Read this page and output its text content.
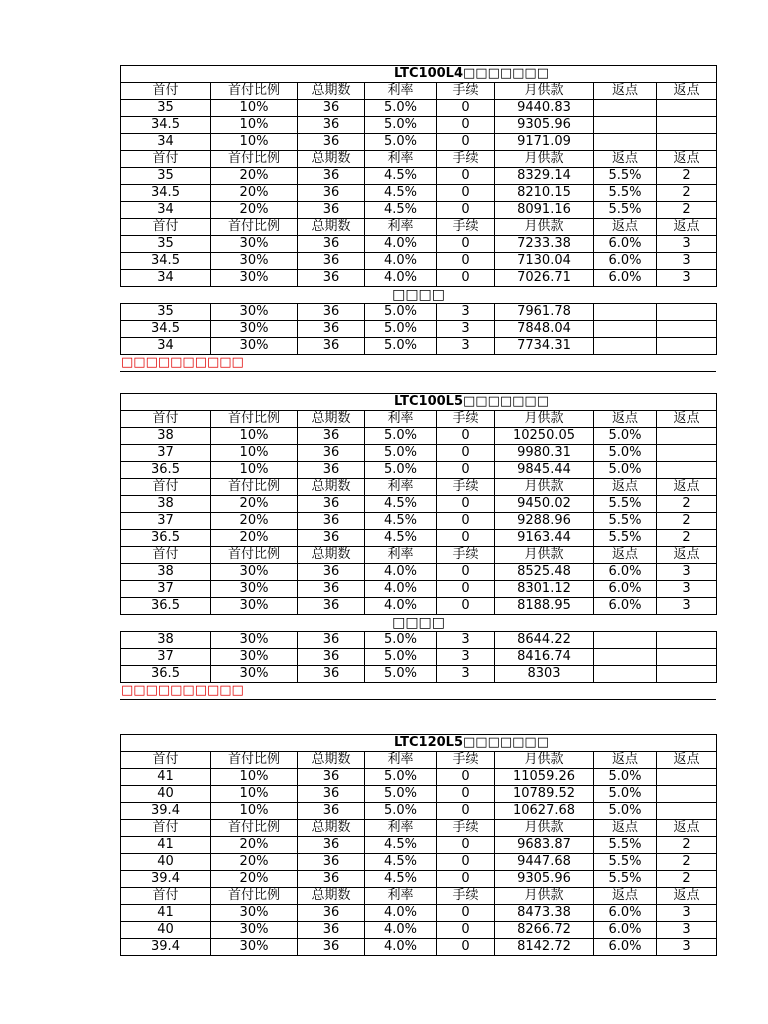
LTC100L4□□□□□□□							
首付	首付比例	总期数	利率	手续	月供款	返点	返点
35	10%	36	5.0%	0	9440.83		
34.5	10%	36	5.0%	0	9305.96		
34	10%	36	5.0%	0	9171.09		
首付	首付比例	总期数	利率	手续	月供款	返点	返点
35	20%	36	4.5%	0	8329.14	5.5%	2
34.5	20%	36	4.5%	0	8210.15	5.5%	2
34	20%	36	4.5%	0	8091.16	5.5%	2
首付	首付比例	总期数	利率	手续	月供款	返点	返点
35	30%	36	4.0%	0	7233.38	6.0%	3
34.5	30%	36	4.0%	0	7130.04	6.0%	3
34	30%	36	4.0%	0	7026.71	6.0%	3
□□□□							
35	30%	36	5.0%	3	7961.78		
34.5	30%	36	5.0%	3	7848.04		
34	30%	36	5.0%	3	7734.31		
□□□□□□□□□□
LTC100L5□□□□□□□							
首付	首付比例	总期数	利率	手续	月供款	返点	返点
38	10%	36	5.0%	0	10250.05	5.0%	
37	10%	36	5.0%	0	9980.31	5.0%	
36.5	10%	36	5.0%	0	9845.44	5.0%	
首付	首付比例	总期数	利率	手续	月供款	返点	返点
38	20%	36	4.5%	0	9450.02	5.5%	2
37	20%	36	4.5%	0	9288.96	5.5%	2
36.5	20%	36	4.5%	0	9163.44	5.5%	2
首付	首付比例	总期数	利率	手续	月供款	返点	返点
38	30%	36	4.0%	0	8525.48	6.0%	3
37	30%	36	4.0%	0	8301.12	6.0%	3
36.5	30%	36	4.0%	0	8188.95	6.0%	3
□□□□							
38	30%	36	5.0%	3	8644.22		
37	30%	36	5.0%	3	8416.74		
36.5	30%	36	5.0%	3	8303		
□□□□□□□□□□
LTC120L5□□□□□□□							
首付	首付比例	总期数	利率	手续	月供款	返点	返点
41	10%	36	5.0%	0	11059.26	5.0%	
40	10%	36	5.0%	0	10789.52	5.0%	
39.4	10%	36	5.0%	0	10627.68	5.0%	
首付	首付比例	总期数	利率	手续	月供款	返点	返点
41	20%	36	4.5%	0	9683.87	5.5%	2
40	20%	36	4.5%	0	9447.68	5.5%	2
39.4	20%	36	4.5%	0	9305.96	5.5%	2
首付	首付比例	总期数	利率	手续	月供款	返点	返点
41	30%	36	4.0%	0	8473.38	6.0%	3
40	30%	36	4.0%	0	8266.72	6.0%	3
39.4	30%	36	4.0%	0	8142.72	6.0%	3
